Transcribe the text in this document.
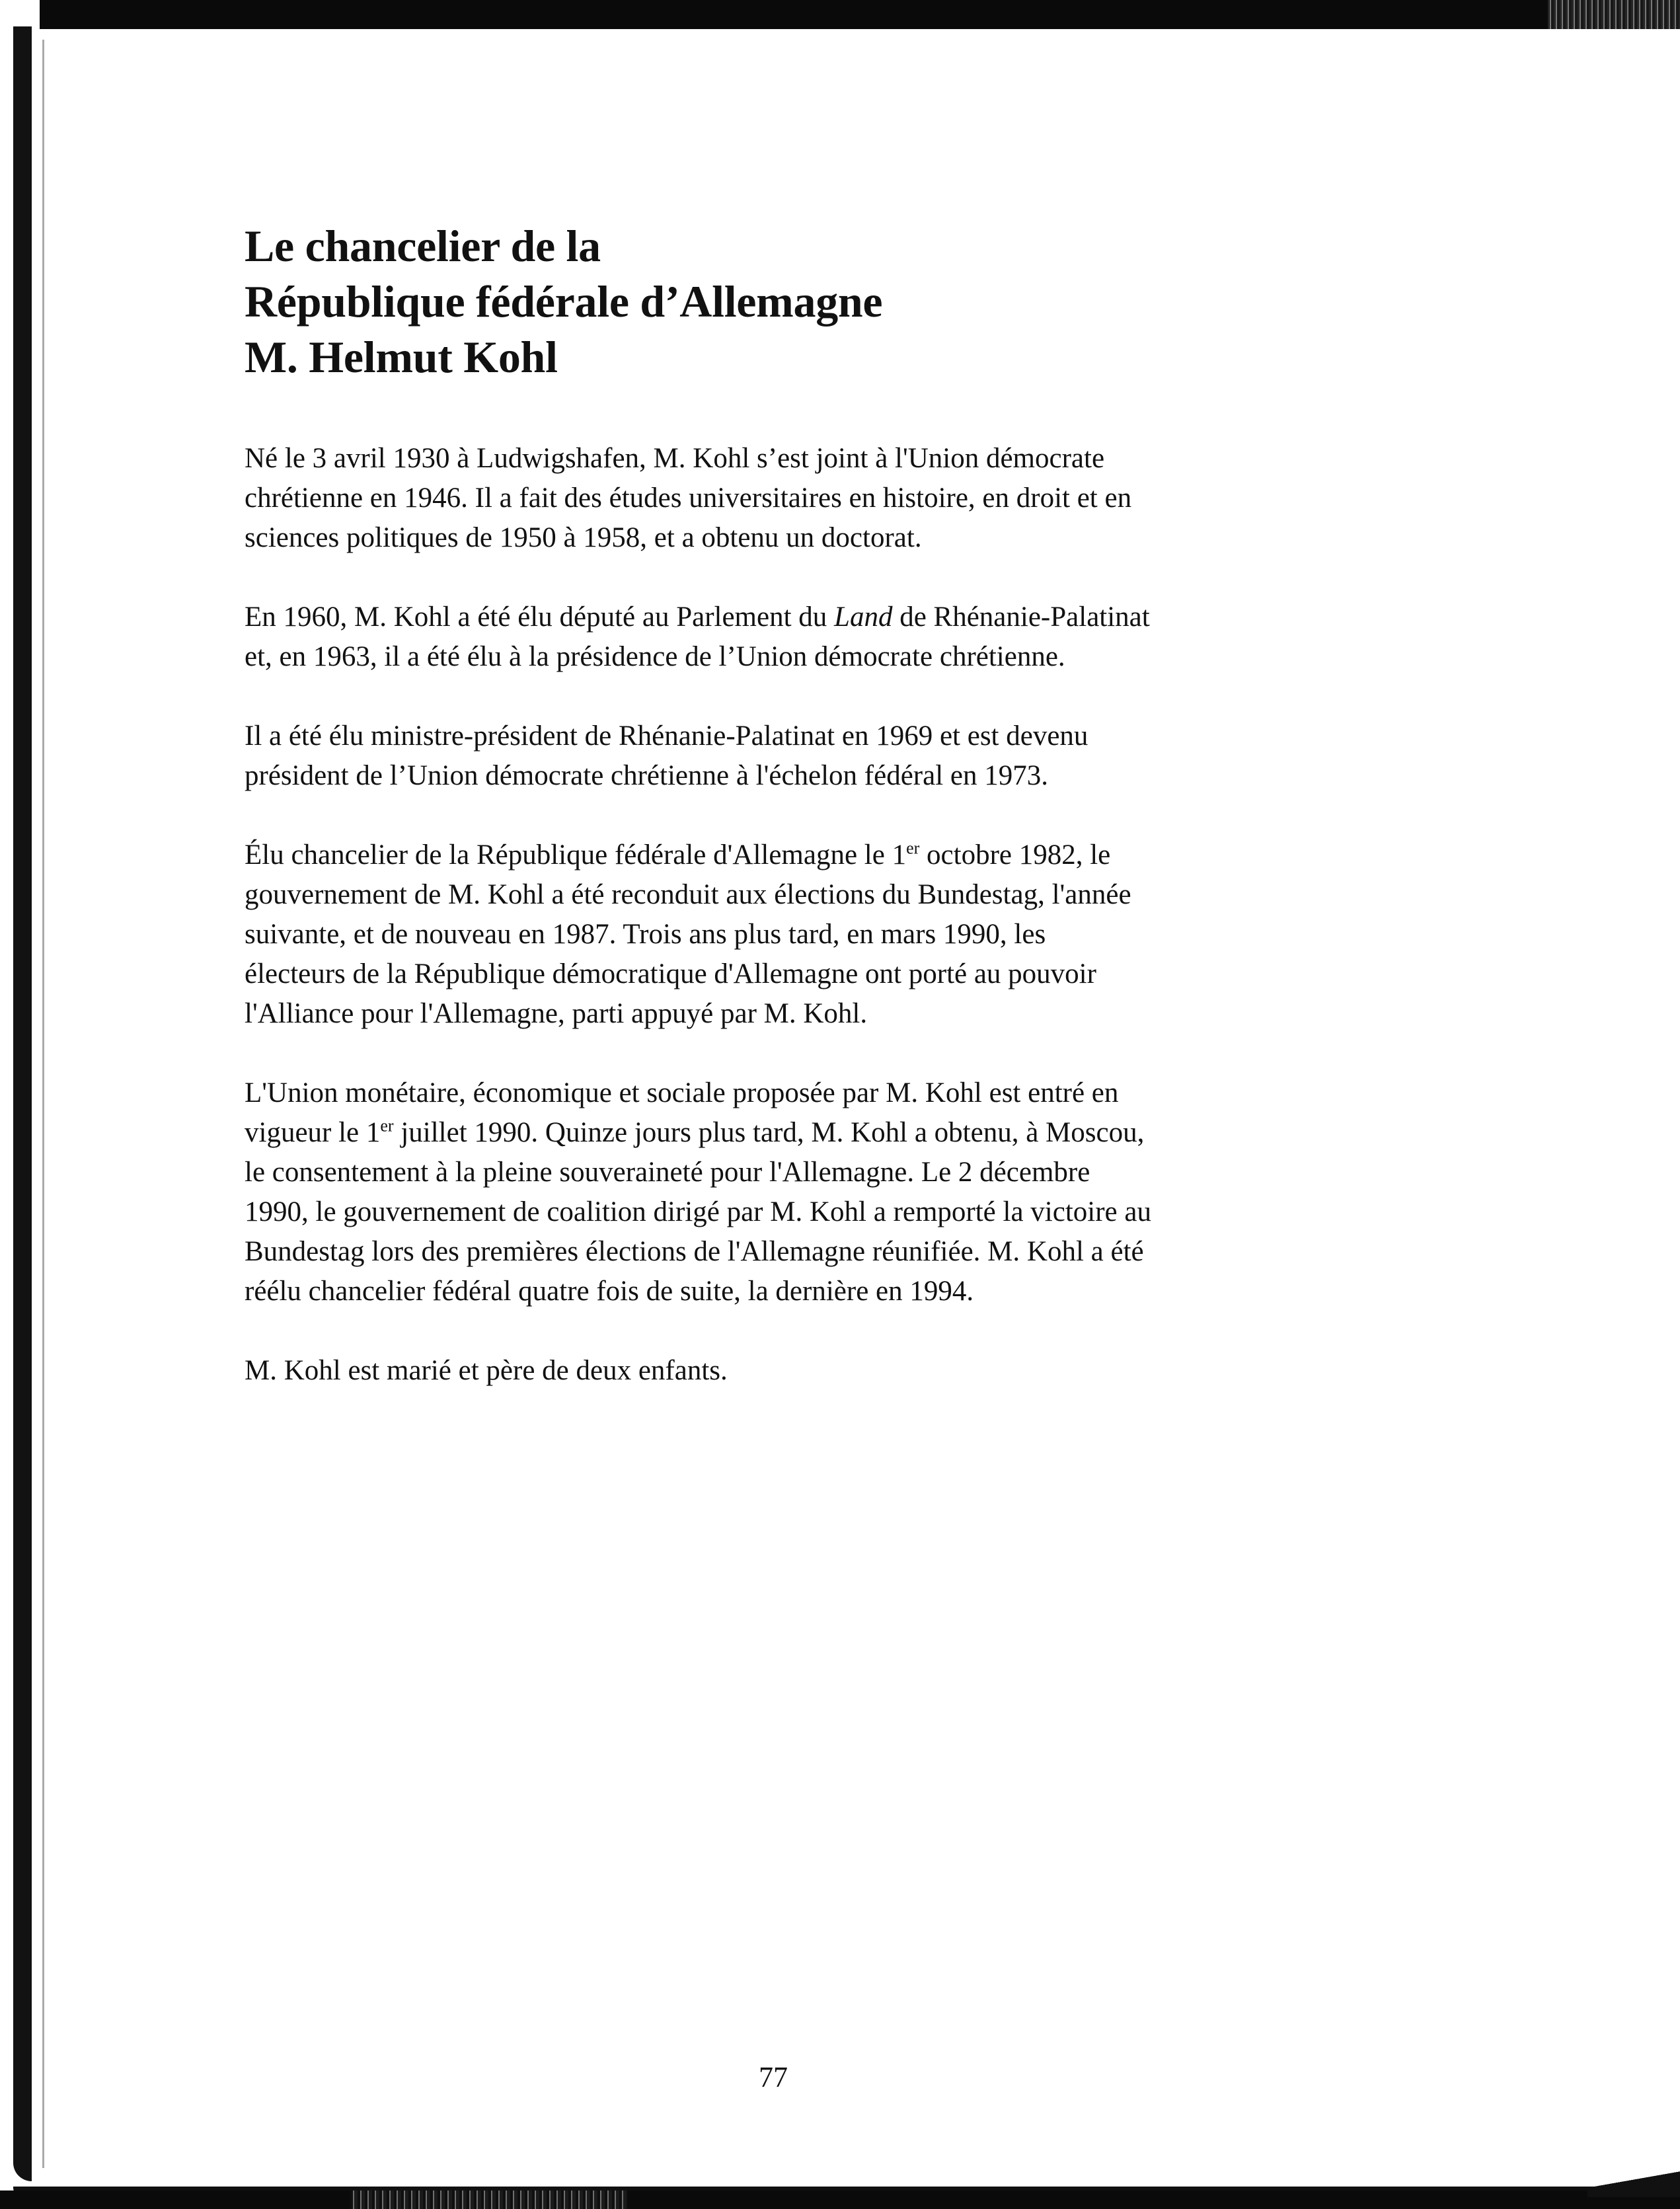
Le chancelier de la
République fédérale d’Allemagne
M. Helmut Kohl

Né le 3 avril 1930 à Ludwigshafen, M. Kohl s’est joint à l'Union démocrate
chrétienne en 1946. Il a fait des études universitaires en histoire, en droit et en
sciences politiques de 1950 à 1958, et a obtenu un doctorat.

En 1960, M. Kohl a été élu député au Parlement du Land de Rhénanie-Palatinat
et, en 1963, il a été élu à la présidence de l’Union démocrate chrétienne.

Il a été élu ministre-président de Rhénanie-Palatinat en 1969 et est devenu
président de l’Union démocrate chrétienne à l'échelon fédéral en 1973.

Élu chancelier de la République fédérale d'Allemagne le 1er octobre 1982, le
gouvernement de M. Kohl a été reconduit aux élections du Bundestag, l'année
suivante, et de nouveau en 1987. Trois ans plus tard, en mars 1990, les
électeurs de la République démocratique d'Allemagne ont porté au pouvoir
l'Alliance pour l'Allemagne, parti appuyé par M. Kohl.

L'Union monétaire, économique et sociale proposée par M. Kohl est entré en
vigueur le 1er juillet 1990. Quinze jours plus tard, M. Kohl a obtenu, à Moscou,
le consentement à la pleine souveraineté pour l'Allemagne. Le 2 décembre
1990, le gouvernement de coalition dirigé par M. Kohl a remporté la victoire au
Bundestag lors des premières élections de l'Allemagne réunifiée. M. Kohl a été
réélu chancelier fédéral quatre fois de suite, la dernière en 1994.

M. Kohl est marié et père de deux enfants.

77
